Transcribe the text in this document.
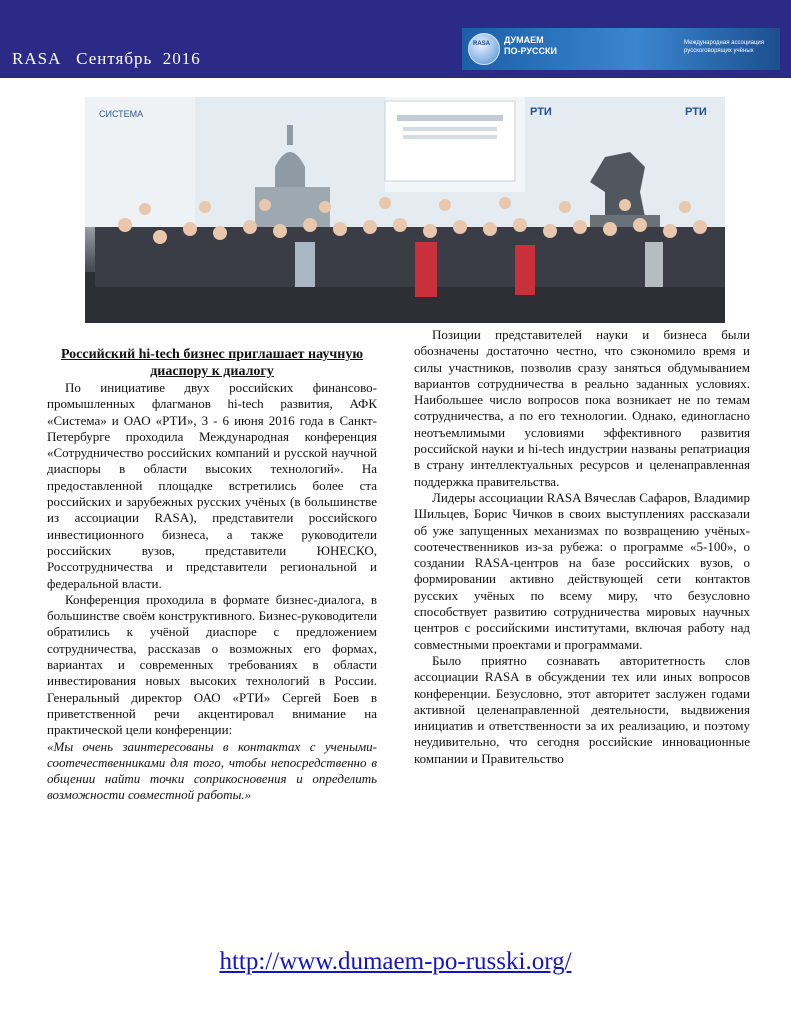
RASA   Сентябрь  2016
RASA ДУМАЕМ
ПО-РУССКИ
Международная ассоциация русскоговорящих учёных
СИСТЕМА	РТИ	РТИ
Российский hi-tech бизнес приглашает научную диаспору к диалогу

По инициативе двух российских финансово-промышленных флагманов hi-tech развития, АФК «Система» и ОАО «РТИ», 3 - 6 июня 2016 года в Санкт-Петербурге проходила Международная конференция «Сотрудничество российских компаний и русской научной диаспоры в области высоких технологий». На предоставленной площадке встретились более ста российских и зарубежных русских учёных (в большинстве из ассоциации RASA), представители российского инвестиционного бизнеса, а также руководители российских вузов, представители ЮНЕСКО, Россотрудничества и представители региональной и федеральной власти.

Конференция проходила в формате бизнес-диалога, в большинстве своём конструктивного. Бизнес-руководители обратились к учёной диаспоре с предложением сотрудничества, рассказав о возможных его формах, вариантах и современных требованиях в области инвестирования новых высоких технологий в России. Генеральный директор ОАО «РТИ» Сергей Боев в приветственной речи акцентировал внимание на практической цели конференции:

«Мы очень заинтересованы в контактах с учеными-соотечественниками для того, чтобы непосредственно в общении найти точки соприкосновения и определить возможности совместной работы.»

Позиции представителей науки и бизнеса были обозначены достаточно честно, что сэкономило время и силы участников, позволив сразу заняться обдумыванием вариантов сотрудничества в реально заданных условиях. Наибольшее число вопросов пока возникает не по темам сотрудничества, а по его технологии. Однако, единогласно неотъемлимыми условиями эффективного развития российской науки и hi-tech индустрии названы репатриация в страну интеллектуальных ресурсов и целенаправленная поддержка правительства.

Лидеры ассоциации RASA Вячеслав Сафаров, Владимир Шильцев, Борис Чичков в своих выступлениях рассказали об уже запущенных механизмах по возвращению учёных-соотечественников из-за рубежа: о программе «5-100», о создании RASA-центров на базе российских вузов, о формировании активно действующей сети контактов русских учёных по всему миру, что безусловно способствует развитию сотрудничества мировых научных центров с российскими институтами, включая работу над совместными проектами и программами.

Было приятно сознавать авторитетность слов ассоциации RASA в обсуждении тех или иных вопросов конференции. Безусловно, этот авторитет заслужен годами активной целенаправленной деятельности, выдвижения инициатив и ответственности за их реализацию, и поэтому неудивительно, что сегодня российские инновационные компании и Правительство

http://www.dumaem-po-russki.org/
